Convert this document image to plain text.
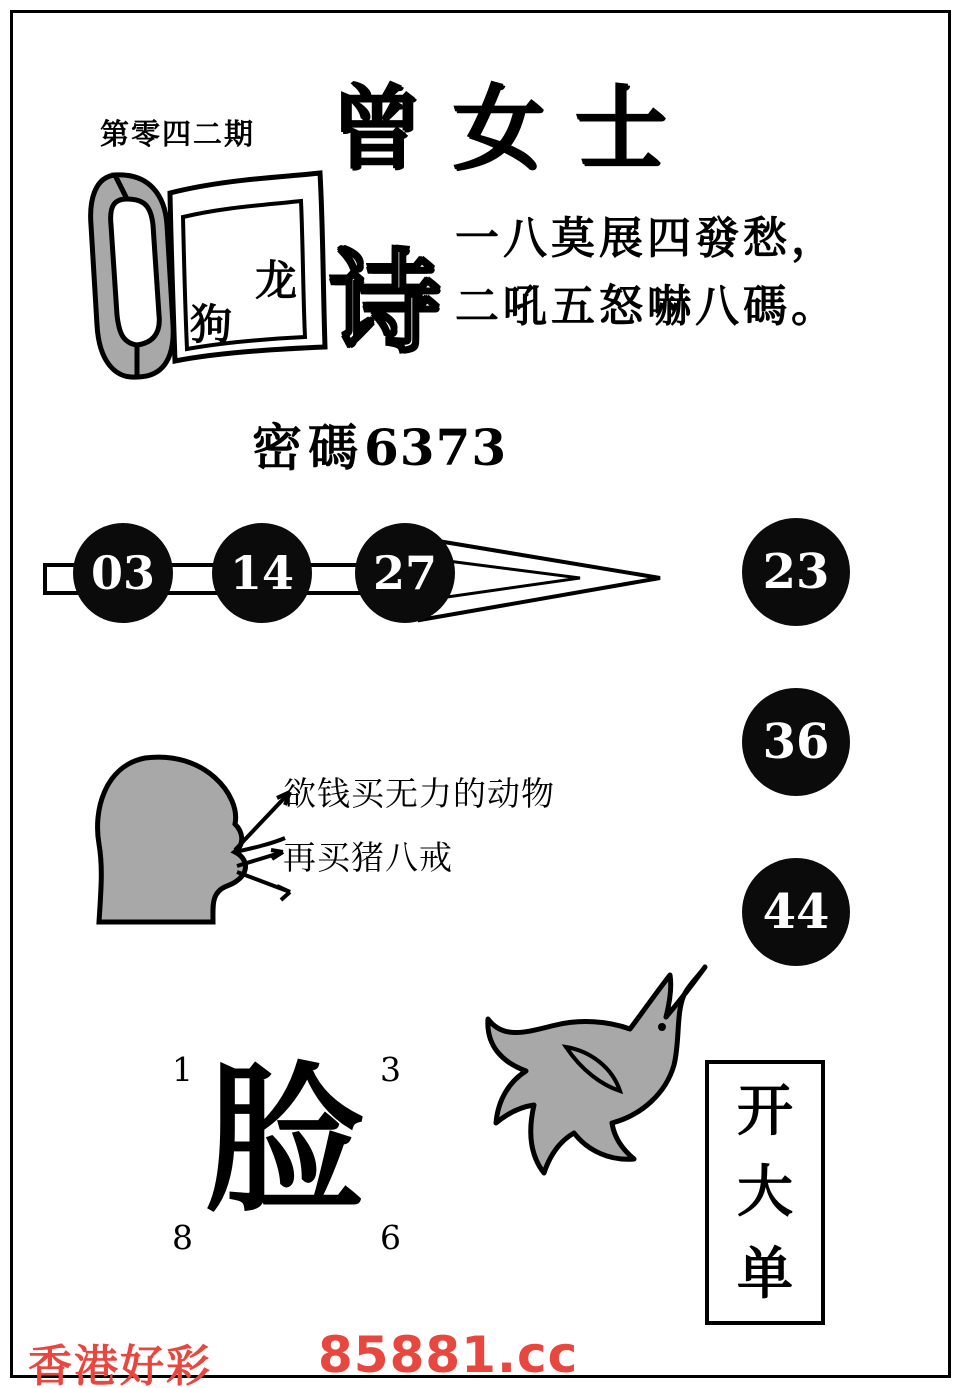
第零四二期 曾女士
一八莫展四發愁，
二吼五怒嚇八碼。
龙
狗 诗
密碼6373
03	14	27	23
36
44
欲钱买无力的动物
再买猪八戒
1	3
8	6
脸	开
大
单
香港好彩 85881.cc
